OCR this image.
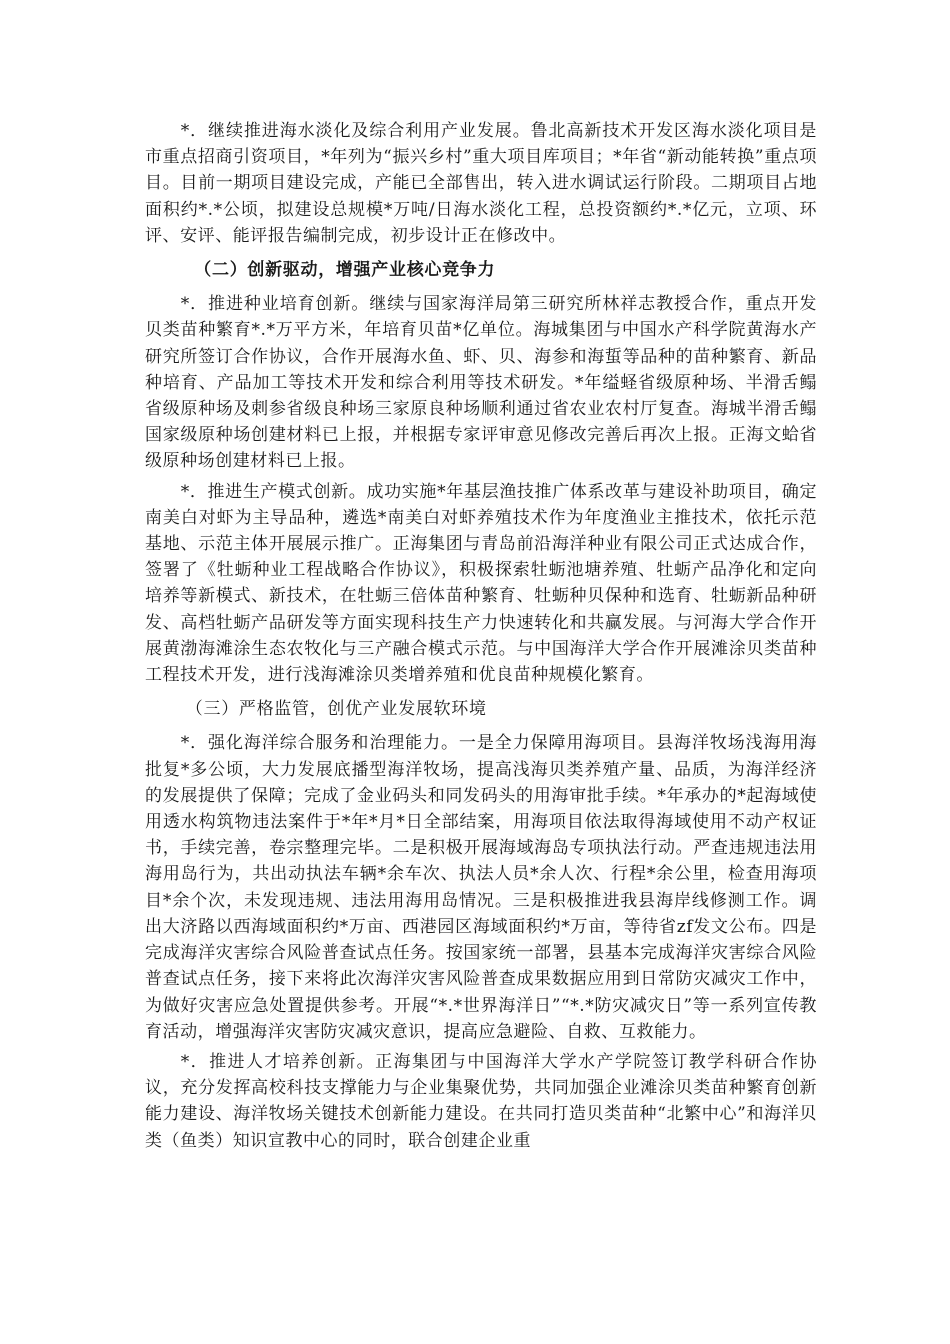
*．继续推进海水淡化及综合利用产业发展。鲁北高新技术开发区海水淡化项目是市重点招商引资项目，*年列为“振兴乡村”重大项目库项目；*年省“新动能转换”重点项目。目前一期项目建设完成，产能已全部售出，转入进水调试运行阶段。二期项目占地面积约*.*公顷，拟建设总规模*万吨/日海水淡化工程，总投资额约*.*亿元，立项、环评、安评、能评报告编制完成，初步设计正在修改中。

（二）创新驱动，增强产业核心竞争力

*．推进种业培育创新。继续与国家海洋局第三研究所林祥志教授合作，重点开发贝类苗种繁育*.*万平方米，年培育贝苗*亿单位。海城集团与中国水产科学院黄海水产研究所签订合作协议，合作开展海水鱼、虾、贝、海参和海蜇等品种的苗种繁育、新品种培育、产品加工等技术开发和综合利用等技术研发。*年缢蛏省级原种场、半滑舌鳎省级原种场及刺参省级良种场三家原良种场顺利通过省农业农村厅复查。海城半滑舌鳎国家级原种场创建材料已上报，并根据专家评审意见修改完善后再次上报。正海文蛤省级原种场创建材料已上报。

*．推进生产模式创新。成功实施*年基层渔技推广体系改革与建设补助项目，确定南美白对虾为主导品种，遴选*南美白对虾养殖技术作为年度渔业主推技术，依托示范基地、示范主体开展展示推广。正海集团与青岛前沿海洋种业有限公司正式达成合作，签署了《牡蛎种业工程战略合作协议》，积极探索牡蛎池塘养殖、牡蛎产品净化和定向培养等新模式、新技术，在牡蛎三倍体苗种繁育、牡蛎种贝保种和选育、牡蛎新品种研发、高档牡蛎产品研发等方面实现科技生产力快速转化和共赢发展。与河海大学合作开展黄渤海滩涂生态农牧化与三产融合模式示范。与中国海洋大学合作开展滩涂贝类苗种工程技术开发，进行浅海滩涂贝类增养殖和优良苗种规模化繁育。

（三）严格监管，创优产业发展软环境

*．强化海洋综合服务和治理能力。一是全力保障用海项目。县海洋牧场浅海用海批复*多公顷，大力发展底播型海洋牧场，提高浅海贝类养殖产量、品质，为海洋经济的发展提供了保障；完成了金业码头和同发码头的用海审批手续。*年承办的*起海域使用透水构筑物违法案件于*年*月*日全部结案，用海项目依法取得海域使用不动产权证书，手续完善，卷宗整理完毕。二是积极开展海域海岛专项执法行动。严查违规违法用海用岛行为，共出动执法车辆*余车次、执法人员*余人次、行程*余公里，检查用海项目*余个次，未发现违规、违法用海用岛情况。三是积极推进我县海岸线修测工作。调出大济路以西海域面积约*万亩、西港园区海域面积约*万亩，等待省zf发文公布。四是完成海洋灾害综合风险普查试点任务。按国家统一部署，县基本完成海洋灾害综合风险普查试点任务，接下来将此次海洋灾害风险普查成果数据应用到日常防灾减灾工作中，为做好灾害应急处置提供参考。开展“*.*世界海洋日”“*.*防灾减灾日”等一系列宣传教育活动，增强海洋灾害防灾减灾意识，提高应急避险、自救、互救能力。

*．推进人才培养创新。正海集团与中国海洋大学水产学院签订教学科研合作协议，充分发挥高校科技支撑能力与企业集聚优势，共同加强企业滩涂贝类苗种繁育创新能力建设、海洋牧场关键技术创新能力建设。在共同打造贝类苗种“北繁中心”和海洋贝类（鱼类）知识宣教中心的同时，联合创建企业重
